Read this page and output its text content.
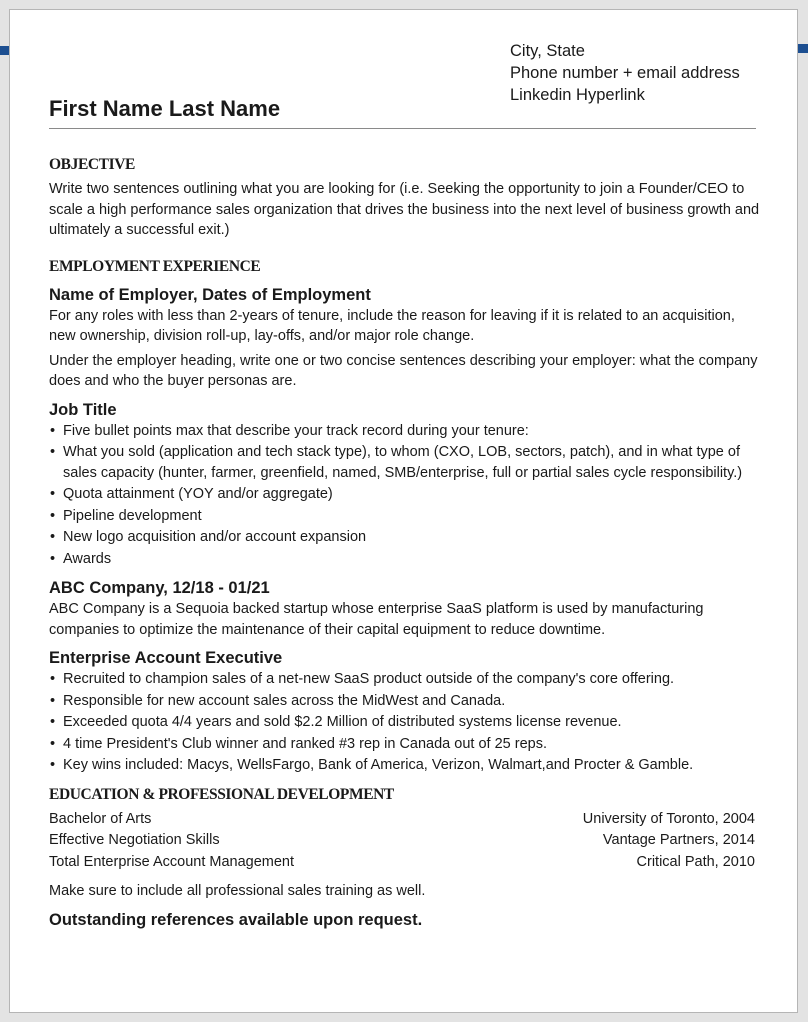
City, State
Phone number + email address
Linkedin Hyperlink
First Name Last Name
OBJECTIVE

Write two sentences outlining what you are looking for (i.e. Seeking the opportunity to join a Founder/CEO to scale a high performance sales organization that drives the business into the next level of business growth and ultimately a successful exit.)

EMPLOYMENT EXPERIENCE
Name of Employer, Dates of Employment

For any roles with less than 2-years of tenure, include the reason for leaving if it is related to an acquisition, new ownership, division roll-up, lay-offs, and/or major role change.

Under the employer heading, write one or two concise sentences describing your employer: what the company does and who the buyer personas are.

Job Title
• Five bullet points max that describe your track record during your tenure:
• What you sold (application and tech stack type), to whom (CXO, LOB, sectors, patch), and in what type of sales capacity (hunter, farmer, greenfield, named, SMB/enterprise, full or partial sales cycle responsibility.)
• Quota attainment (YOY and/or aggregate)
• Pipeline development
• New logo acquisition and/or account expansion
• Awards
ABC Company, 12/18 - 01/21

ABC Company is a Sequoia backed startup whose enterprise SaaS platform is used by manufacturing companies to optimize the maintenance of their capital equipment to reduce downtime.

Enterprise Account Executive
• Recruited to champion sales of a net-new SaaS product outside of the company's core offering.
• Responsible for new account sales across the MidWest and Canada.
• Exceeded quota 4/4 years and sold $2.2 Million of distributed systems license revenue.
• 4 time President's Club winner and ranked #3 rep in Canada out of 25 reps.
• Key wins included: Macys, WellsFargo, Bank of America, Verizon, Walmart,and Procter & Gamble.
EDUCATION & PROFESSIONAL DEVELOPMENT
Bachelor of Arts	University of Toronto, 2004
Effective Negotiation Skills	Vantage Partners, 2014
Total Enterprise Account Management	Critical Path, 2010

Make sure to include all professional sales training as well.

Outstanding references available upon request.
